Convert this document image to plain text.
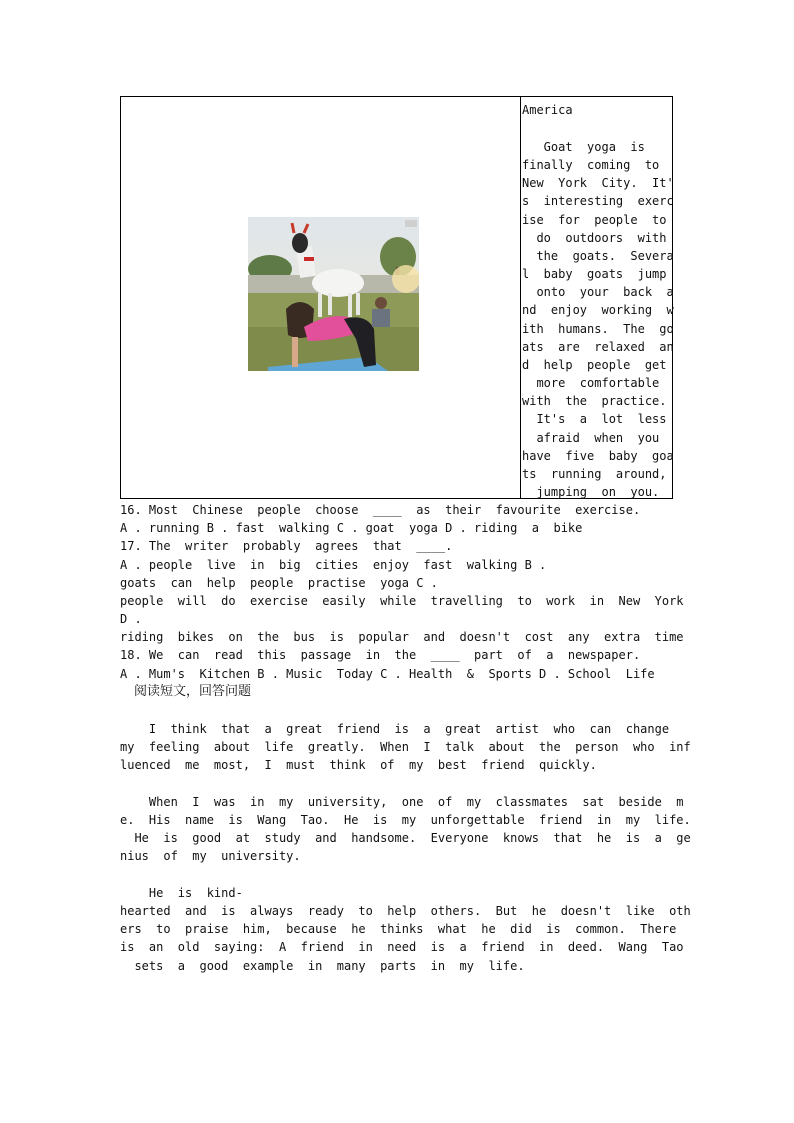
America
Goat  yoga  is
finally  coming  to
New  York  City.  It'
s  interesting  exerc
ise  for  people  to
do  outdoors  with
the  goats.  Severa
l  baby  goats  jump
onto  your  back  a
nd  enjoy  working  w
ith  humans.  The  go
ats  are  relaxed  an
d  help  people  get
more  comfortable
with  the  practice.
It's  a  lot  less
afraid  when  you
have  five  baby  goa
ts  running  around,
jumping  on  you.
16. Most  Chinese  people  choose  ____  as  their  favourite  exercise.
A . running B . fast  walking C . goat  yoga D . riding  a  bike
17. The  writer  probably  agrees  that  ____.
A . people  live  in  big  cities  enjoy  fast  walking B .
goats  can  help  people  practise  yoga C .
people  will  do  exercise  easily  while  travelling  to  work  in  New  York
D .
riding  bikes  on  the  bus  is  popular  and  doesn't  cost  any  extra  time
18. We  can  read  this  passage  in  the  ____  part  of  a  newspaper.
A . Mum's  Kitchen B . Music  Today C . Health  &  Sports D . School  Life
阅读短文，回答问题
I  think  that  a  great  friend  is  a  great  artist  who  can  change
my  feeling  about  life  greatly.  When  I  talk  about  the  person  who  inf
luenced  me  most,  I  must  think  of  my  best  friend  quickly.
When  I  was  in  my  university,  one  of  my  classmates  sat  beside  m
e.  His  name  is  Wang  Tao.  He  is  my  unforgettable  friend  in  my  life.
He  is  good  at  study  and  handsome.  Everyone  knows  that  he  is  a  ge
nius  of  my  university.
He  is  kind-
hearted  and  is  always  ready  to  help  others.  But  he  doesn't  like  oth
ers  to  praise  him,  because  he  thinks  what  he  did  is  common.  There
is  an  old  saying:  A  friend  in  need  is  a  friend  in  deed.  Wang  Tao
sets  a  good  example  in  many  parts  in  my  life.
